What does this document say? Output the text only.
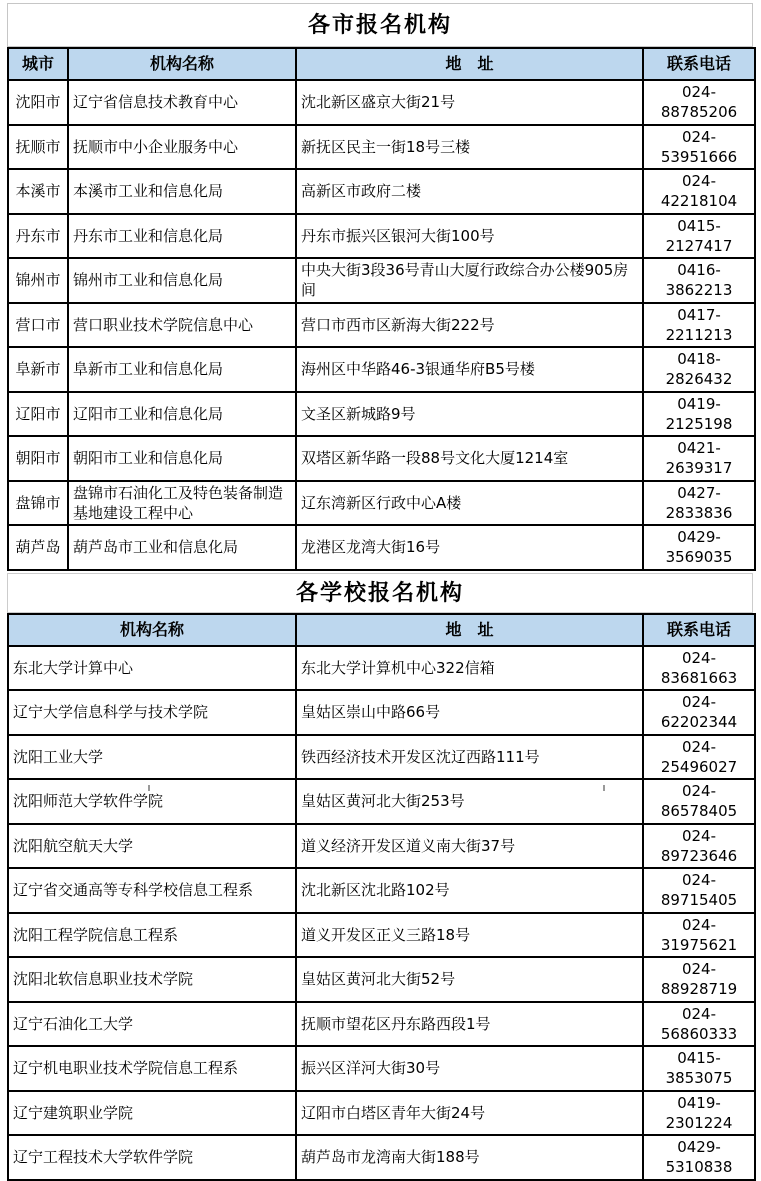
各市报名机构
城市	机构名称	地　址	联系电话
沈阳市	辽宁省信息技术教育中心	沈北新区盛京大街21号	024-88785206
抚顺市	抚顺市中小企业服务中心	新抚区民主一街18号三楼	024-53951666
本溪市	本溪市工业和信息化局	高新区市政府二楼	024-42218104
丹东市	丹东市工业和信息化局	丹东市振兴区银河大街100号	0415-2127417
锦州市	锦州市工业和信息化局	中央大街3段36号青山大厦行政综合办公楼905房间	0416-3862213
营口市	营口职业技术学院信息中心	营口市西市区新海大街222号	0417-2211213
阜新市	阜新市工业和信息化局	海州区中华路46-3银通华府B5号楼	0418-2826432
辽阳市	辽阳市工业和信息化局	文圣区新城路9号	0419-2125198
朝阳市	朝阳市工业和信息化局	双塔区新华路一段88号文化大厦1214室	0421-2639317
盘锦市	盘锦市石油化工及特色装备制造基地建设工程中心	辽东湾新区行政中心A楼	0427-2833836
葫芦岛	葫芦岛市工业和信息化局	龙港区龙湾大街16号	0429-3569035
各学校报名机构
机构名称	地　址	联系电话
东北大学计算中心	东北大学计算机中心322信箱	024-83681663
辽宁大学信息科学与技术学院	皇姑区崇山中路66号	024-62202344
沈阳工业大学	铁西经济技术开发区沈辽西路111号	024-25496027
沈阳师范大学软件学院	皇姑区黄河北大街253号	024-86578405
沈阳航空航天大学	道义经济开发区道义南大街37号	024-89723646
辽宁省交通高等专科学校信息工程系	沈北新区沈北路102号	024-89715405
沈阳工程学院信息工程系	道义开发区正义三路18号	024-31975621
沈阳北软信息职业技术学院	皇姑区黄河北大街52号	024-88928719
辽宁石油化工大学	抚顺市望花区丹东路西段1号	024-56860333
辽宁机电职业技术学院信息工程系	振兴区洋河大街30号	0415-3853075
辽宁建筑职业学院	辽阳市白塔区青年大街24号	0419-2301224
辽宁工程技术大学软件学院	葫芦岛市龙湾南大街188号	0429-5310838
